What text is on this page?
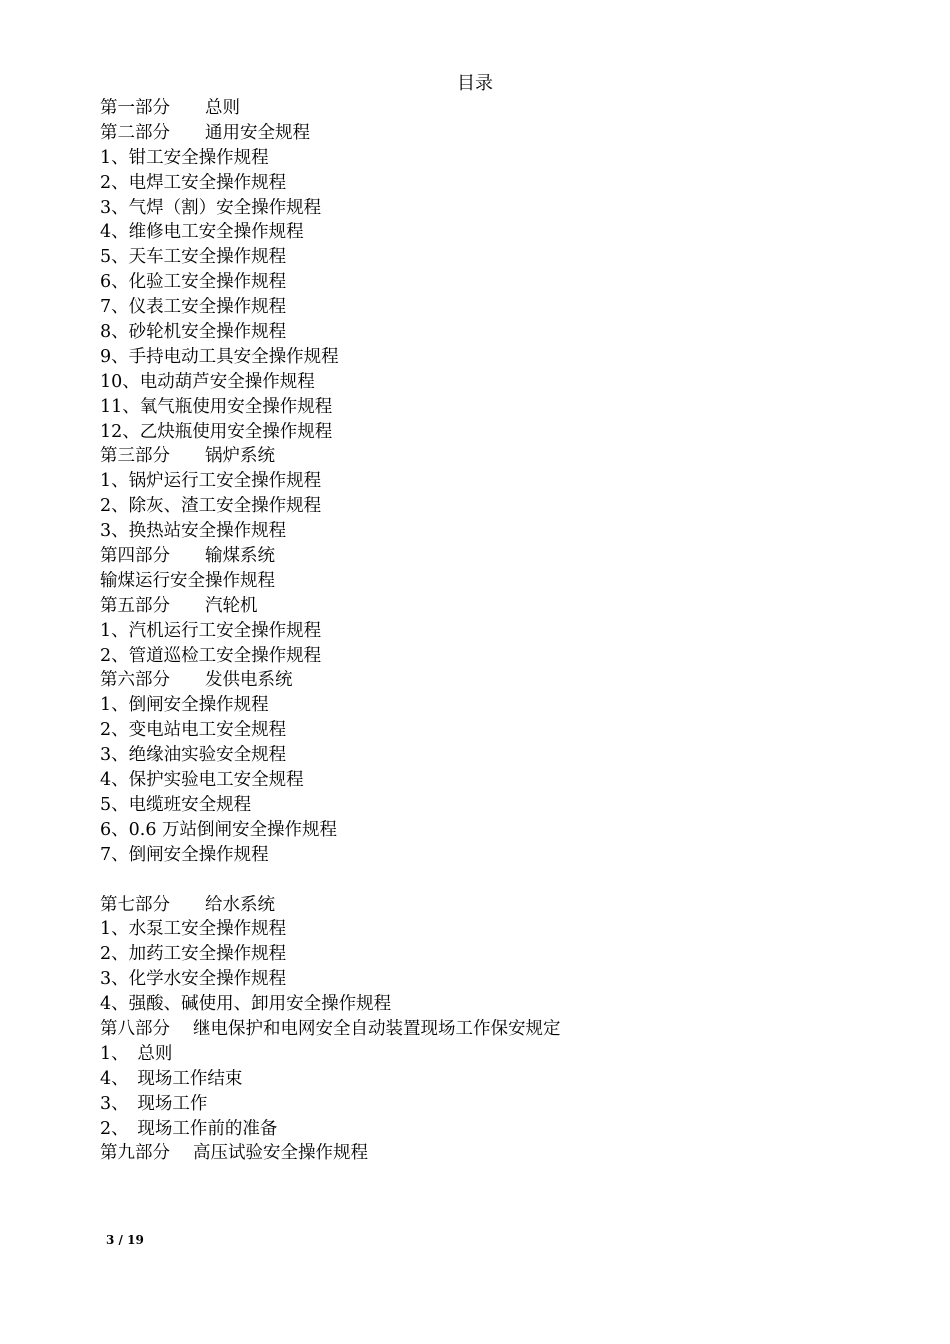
目录
第一部分　　总则
第二部分　　通用安全规程
1、钳工安全操作规程
2、电焊工安全操作规程
3、气焊（割）安全操作规程
4、维修电工安全操作规程
5、天车工安全操作规程
6、化验工安全操作规程
7、仪表工安全操作规程
8、砂轮机安全操作规程
9、手持电动工具安全操作规程
10、电动葫芦安全操作规程
11、氧气瓶使用安全操作规程
12、乙炔瓶使用安全操作规程
第三部分　　锅炉系统
1、锅炉运行工安全操作规程
2、除灰、渣工安全操作规程
3、换热站安全操作规程
第四部分　　输煤系统
输煤运行安全操作规程
第五部分　　汽轮机
1、汽机运行工安全操作规程
2、管道巡检工安全操作规程
第六部分　　发供电系统
1、倒闸安全操作规程
2、变电站电工安全规程
3、绝缘油实验安全规程
4、保护实验电工安全规程
5、电缆班安全规程
6、0.6 万站倒闸安全操作规程
7、倒闸安全操作规程
第七部分　　给水系统
1、水泵工安全操作规程
2、加药工安全操作规程
3、化学水安全操作规程
4、强酸、碱使用、卸用安全操作规程
第八部分　 继电保护和电网安全自动装置现场工作保安规定
1、　总则
4、　现场工作结束
3、　现场工作
2、　现场工作前的准备
第九部分　 高压试验安全操作规程
3 / 19
